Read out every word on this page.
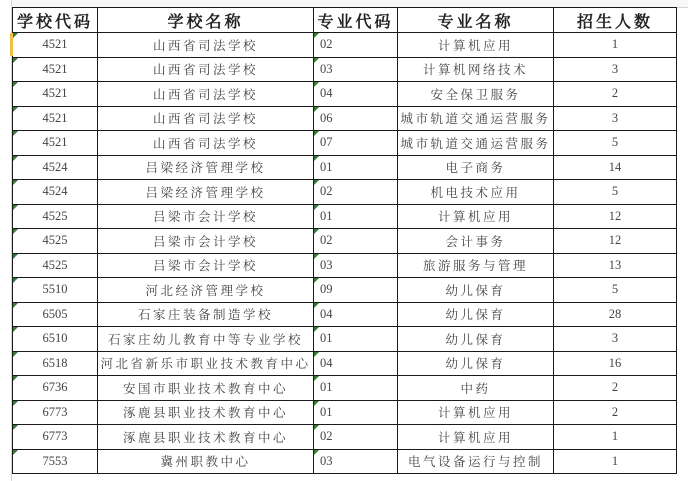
学校代码	学校名称	专业代码	专业名称	招生人数

4521	山西省司法学校	02	计算机应用	1

4521	山西省司法学校	03	计算机网络技术	3

4521	山西省司法学校	04	安全保卫服务	2

4521	山西省司法学校	06	城市轨道交通运营服务	3

4521	山西省司法学校	07	城市轨道交通运营服务	5

4524	吕梁经济管理学校	01	电子商务	14

4524	吕梁经济管理学校	02	机电技术应用	5

4525	吕梁市会计学校	01	计算机应用	12

4525	吕梁市会计学校	02	会计事务	12

4525	吕梁市会计学校	03	旅游服务与管理	13

5510	河北经济管理学校	09	幼儿保育	5

6505	石家庄装备制造学校	04	幼儿保育	28

6510	石家庄幼儿教育中等专业学校	01	幼儿保育	3

6518	河北省新乐市职业技术教育中心	04	幼儿保育	16

6736	安国市职业技术教育中心	01	中药	2

6773	涿鹿县职业技术教育中心	01	计算机应用	2

6773	涿鹿县职业技术教育中心	02	计算机应用	1

7553	冀州职教中心	03	电气设备运行与控制	1
